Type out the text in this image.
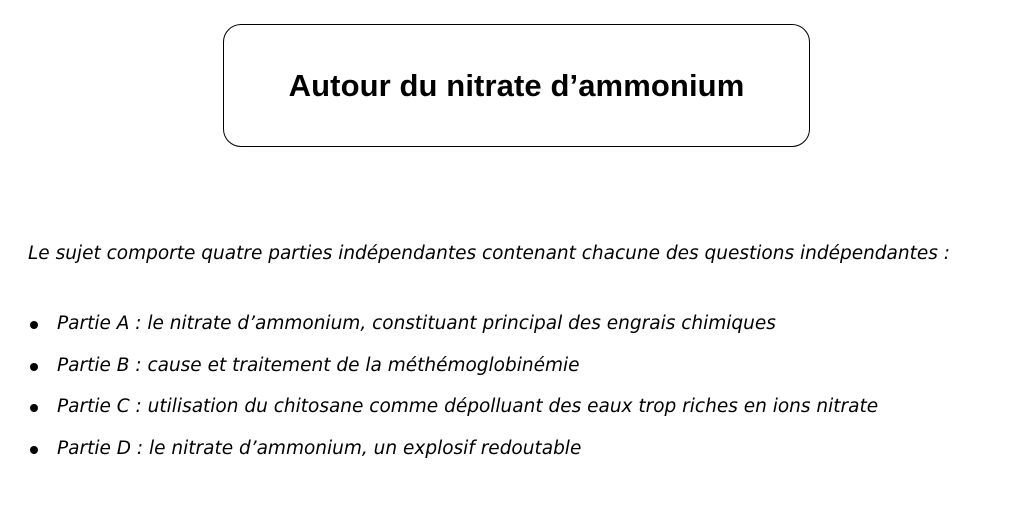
Autour du nitrate d’ammonium
Le sujet comporte quatre parties indépendantes contenant chacune des questions indépendantes :
Partie A : le nitrate d’ammonium, constituant principal des engrais chimiques
Partie B : cause et traitement de la méthémoglobinémie
Partie C : utilisation du chitosane comme dépolluant des eaux trop riches en ions nitrate
Partie D : le nitrate d’ammonium, un explosif redoutable
